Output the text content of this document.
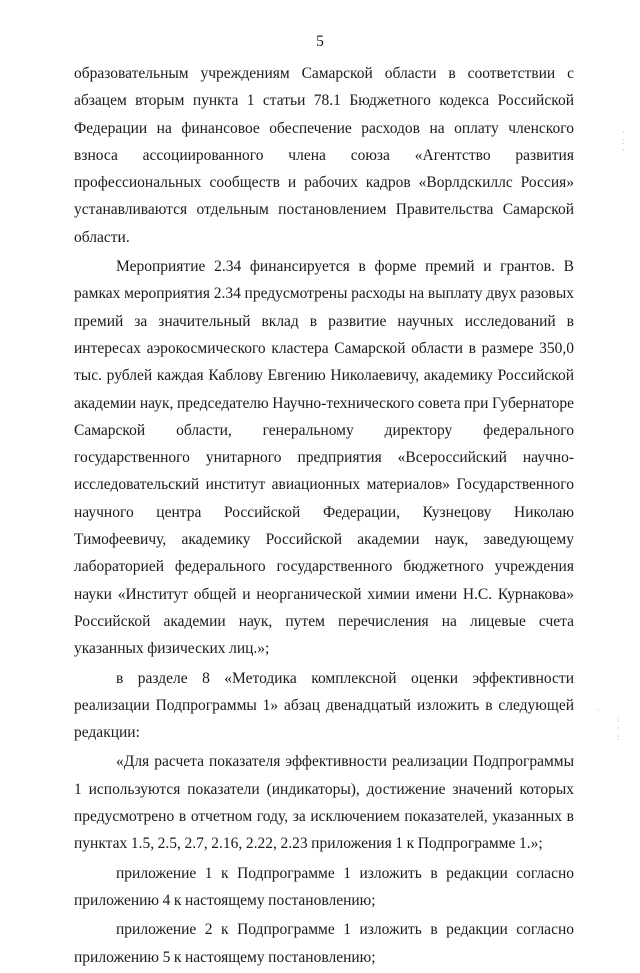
5

образовательным учреждениям Самарской области в соответствии с абзацем вторым пункта 1 статьи 78.1 Бюджетного кодекса Российской Федерации на финансовое обеспечение расходов на оплату членского взноса ассоциированного члена союза «Агентство развития профессиональных сообществ и рабочих кадров «Ворлдскиллс Россия» устанавливаются отдельным постановлением Правительства Самарской области.

Мероприятие 2.34 финансируется в форме премий и грантов. В рамках мероприятия 2.34 предусмотрены расходы на выплату двух разовых премий за значительный вклад в развитие научных исследований в интересах аэрокосмического кластера Самарской области в размере 350,0 тыс. рублей каждая Каблову Евгению Николаевичу, академику Российской академии наук, председателю Научно-технического совета при Губернаторе Самарской области, генеральному директору федерального государственного унитарного предприятия «Всероссийский научно-исследовательский институт авиационных материалов» Государственного научного центра Российской Федерации, Кузнецову Николаю Тимофеевичу, академику Российской академии наук, заведующему лабораторией федерального государственного бюджетного учреждения науки «Институт общей и неорганической химии имени Н.С. Курнакова» Российской академии наук, путем перечисления на лицевые счета указанных физических лиц.»;

в разделе 8 «Методика комплексной оценки эффективности реализации Подпрограммы 1» абзац двенадцатый изложить в следующей редакции:

«Для расчета показателя эффективности реализации Подпрограммы 1 используются показатели (индикаторы), достижение значений которых предусмотрено в отчетном году, за исключением показателей, указанных в пунктах 1.5, 2.5, 2.7, 2.16, 2.22, 2.23 приложения 1 к Подпрограмме 1.»;

приложение 1 к Подпрограмме 1 изложить в редакции согласно приложению 4 к настоящему постановлению;

приложение 2 к Подпрограмме 1 изложить в редакции согласно приложению 5 к настоящему постановлению;

·
:
·
·
:
·
:
